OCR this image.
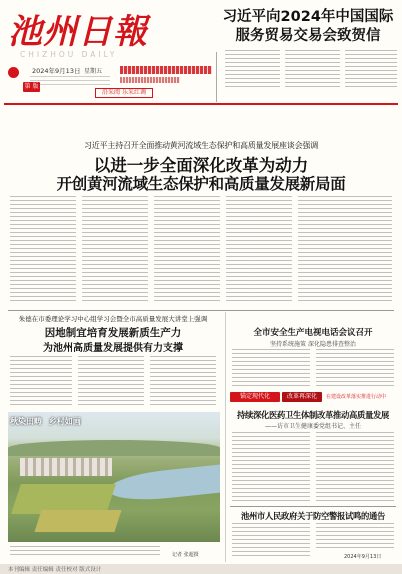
池州日報
CHIZHOU DAILY
2024年9月13日 星期五
第 版
沿采阅 乐采红调
习近平向2024年中国国际
服务贸易交易会致贺信
习近平主持召开全面推动黄河流域生态保护和高质量发展座谈会强调
以进一步全面深化改革为动力
开创黄河流域生态保护和高质量发展新局面
朱德在市委理论学习中心组学习会暨全市高质量发展大讲堂上强调
因地制宜培育发展新质生产力
为池州高质量发展提供有力支撑
秋染田畴 乡村如画
记者 张超摄
全市安全生产电视电话会议召开
坚持系统施策 深化隐患排查整治
锚定现代化	改革再深化	在建设改革落实推进行动中
持续深化医药卫生体制改革推动高质量发展
——访市卫生健康委党组书记、主任
池州市人民政府关于防空警报试鸣的通告
2024年9月13日
本刊编辑 责任编辑 责任校对 版式设计
